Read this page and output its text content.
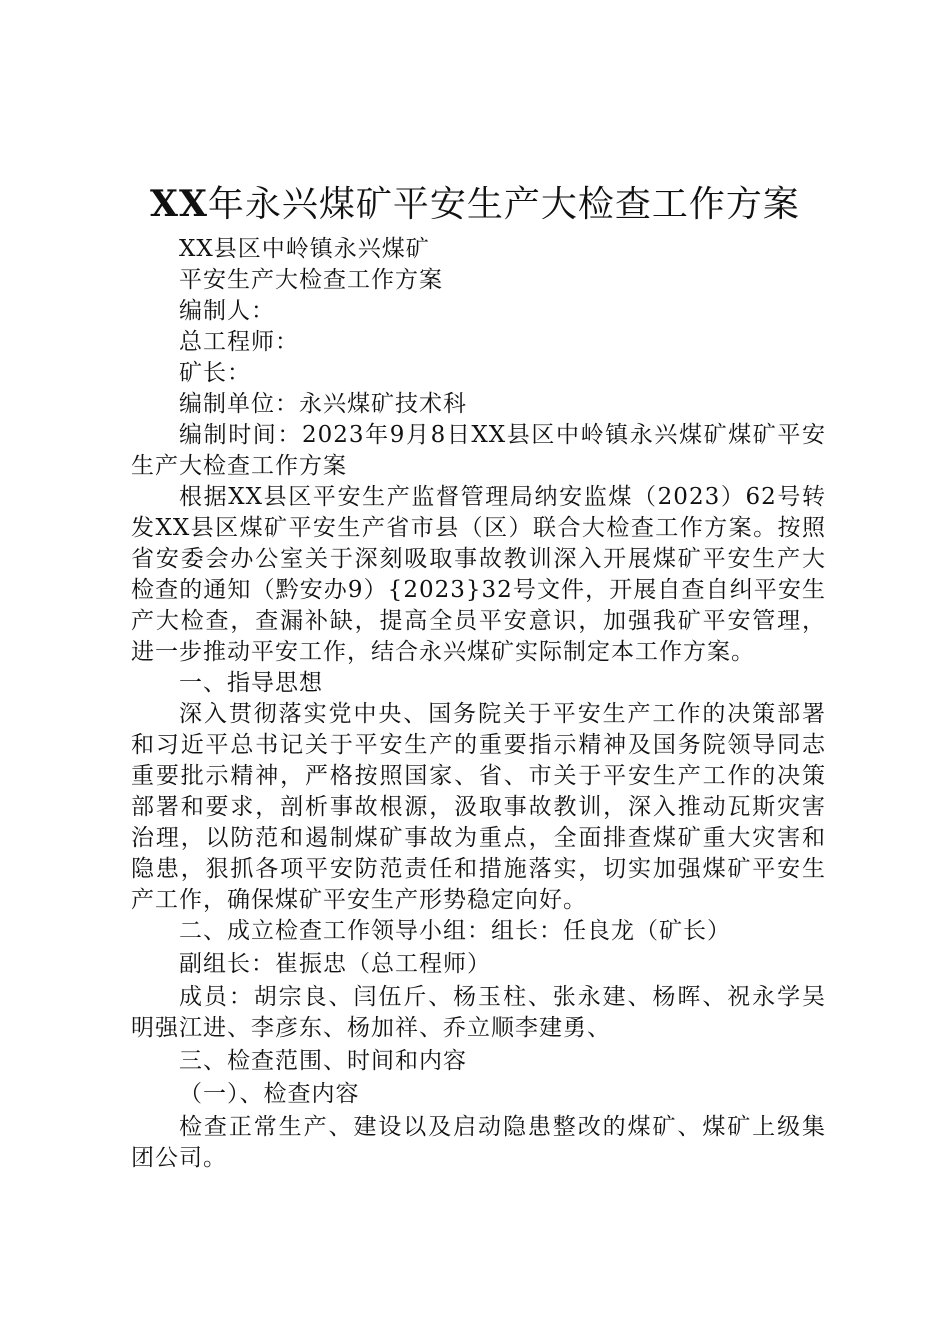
XX年永兴煤矿平安生产大检查工作方案

XX县区中岭镇永兴煤矿

平安生产大检查工作方案

编制人：

总工程师：

矿长：

编制单位：永兴煤矿技术科

编制时间：2023年9月8日XX县区中岭镇永兴煤矿煤矿平安生产大检查工作方案

根据XX县区平安生产监督管理局纳安监煤（2023）62号转发XX县区煤矿平安生产省市县（区）联合大检查工作方案。按照省安委会办公室关于深刻吸取事故教训深入开展煤矿平安生产大检查的通知（黔安办9）{2023}32号文件，开展自查自纠平安生产大检查，查漏补缺，提高全员平安意识，加强我矿平安管理，进一步推动平安工作，结合永兴煤矿实际制定本工作方案。

一、指导思想

深入贯彻落实党中央、国务院关于平安生产工作的决策部署和习近平总书记关于平安生产的重要指示精神及国务院领导同志重要批示精神，严格按照国家、省、市关于平安生产工作的决策部署和要求，剖析事故根源，汲取事故教训，深入推动瓦斯灾害治理，以防范和遏制煤矿事故为重点，全面排查煤矿重大灾害和隐患，狠抓各项平安防范责任和措施落实，切实加强煤矿平安生产工作，确保煤矿平安生产形势稳定向好。

二、成立检查工作领导小组：组长：任良龙（矿长）

副组长：崔振忠（总工程师）

成员：胡宗良、闫伍斤、杨玉柱、张永建、杨晖、祝永学吴明强江进、李彦东、杨加祥、乔立顺李建勇、

三、检查范围、时间和内容

（一）、检查内容

检查正常生产、建设以及启动隐患整改的煤矿、煤矿上级集团公司。
